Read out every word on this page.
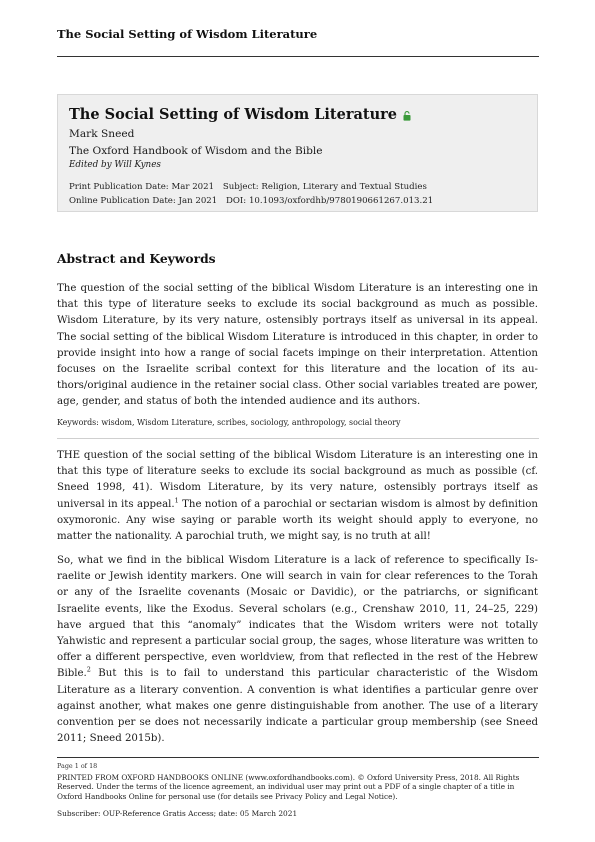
The Social Setting of Wisdom Literature
The Social Setting of Wisdom Literature
Mark Sneed
The Oxford Handbook of Wisdom and the Bible
Edited by Will Kynes
Print Publication Date: Mar 2021 Subject: Religion, Literary and Textual Studies
Online Publication Date: Jan 2021 DOI: 10.1093/oxfordhb/9780190661267.013.21
Abstract and Keywords

The question of the social setting of the biblical Wisdom Literature is an interesting one in that this type of literature seeks to exclude its social background as much as possible. Wisdom Literature, by its very nature, ostensibly portrays itself as universal in its appeal. The social setting of the biblical Wisdom Literature is introduced in this chapter, in order to provide insight into how a range of social facets impinge on their interpretation. Attention focuses on the Israelite scribal context for this literature and the location of its authors/original audience in the retainer social class. Other social variables treated are power, age, gender, and status of both the intended audience and its authors.

Keywords: wisdom, Wisdom Literature, scribes, sociology, anthropology, social theory

THE question of the social setting of the biblical Wisdom Literature is an interesting one in that this type of literature seeks to exclude its social background as much as possible (cf. Sneed 1998, 41). Wisdom Literature, by its very nature, ostensibly portrays itself as universal in its appeal.$^1$ The notion of a parochial or sectarian wisdom is almost by definition oxymoronic. Any wise saying or parable worth its weight should apply to everyone, no matter the nationality. A parochial truth, we might say, is no truth at all!

So, what we find in the biblical Wisdom Literature is a lack of reference to specifically Israelite or Jewish identity markers. One will search in vain for clear references to the Torah or any of the Israelite covenants (Mosaic or Davidic), or the patriarchs, or significant Israelite events, like the Exodus. Several scholars (e.g., Crenshaw 2010, 11, 24–25, 229) have argued that this “anomaly” indicates that the Wisdom writers were not totally Yahwistic and represent a particular social group, the sages, whose literature was written to offer a different perspective, even worldview, from that reflected in the rest of the Hebrew Bible.$^2$ But this is to fail to understand this particular characteristic of the Wisdom Literature as a literary convention. A convention is what identifies a particular genre over against another, what makes one genre distinguishable from another. The use of a literary convention per se does not necessarily indicate a particular group membership (see Sneed 2011; Sneed 2015b).

Page 1 of 18

PRINTED FROM OXFORD HANDBOOKS ONLINE (www.oxfordhandbooks.com). © Oxford University Press, 2018. All Rights Reserved. Under the terms of the licence agreement, an individual user may print out a PDF of a single chapter of a title in Oxford Handbooks Online for personal use (for details see Privacy Policy and Legal Notice).

Subscriber: OUP-Reference Gratis Access; date: 05 March 2021
